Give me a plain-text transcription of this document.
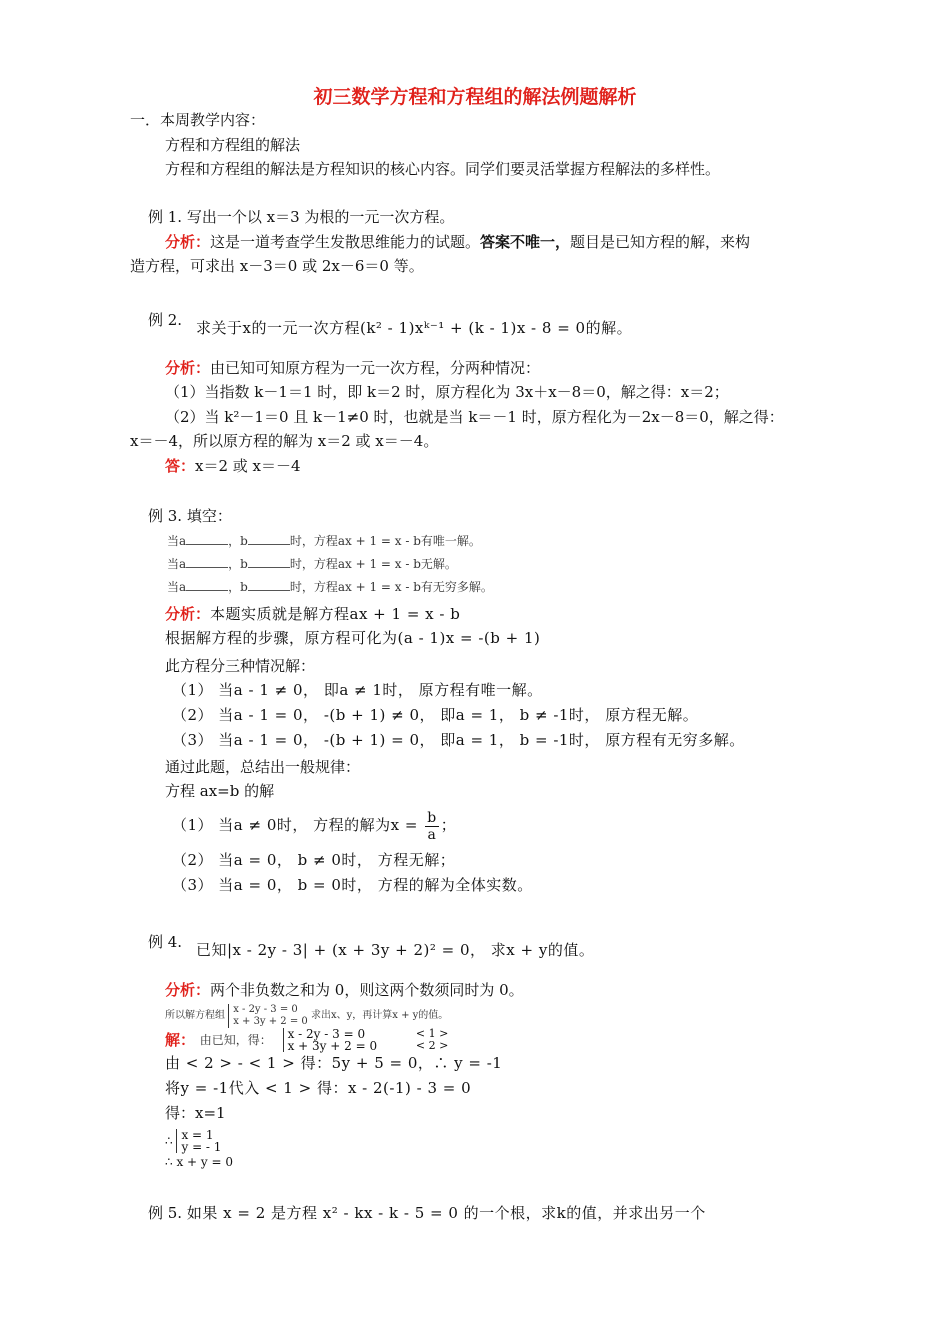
初三数学方程和方程组的解法例题解析
一．本周教学内容：
方程和方程组的解法
方程和方程组的解法是方程知识的核心内容。同学们要灵活掌握方程解法的多样性。
例 1. 写出一个以 x＝3 为根的一元一次方程。
分析：这是一道考查学生发散思维能力的试题。答案不唯一，题目是已知方程的解，来构
造方程，可求出 x－3＝0 或 2x－6＝0 等。
例 2. 求关于x的一元一次方程(k² - 1)xᵏ⁻¹ + (k - 1)x - 8 = 0的解。
分析：由已知可知原方程为一元一次方程，分两种情况：
（1）当指数 k－1＝1 时，即 k＝2 时，原方程化为 3x＋x－8＝0，解之得：x＝2；
（2）当 k²－1＝0 且 k－1≠0 时，也就是当 k＝－1 时，原方程化为－2x－8＝0，解之得：
x＝－4，所以原方程的解为 x＝2 或 x＝－4。
答：x＝2 或 x＝－4
例 3. 填空：
当a	，b	时，方程ax + 1 = x - b有唯一解。
当a	，b	时，方程ax + 1 = x - b无解。
当a	，b	时，方程ax + 1 = x - b有无穷多解。
分析：本题实质就是解方程ax + 1 = x - b
根据解方程的步骤，原方程可化为(a - 1)x = -(b + 1)
此方程分三种情况解：
（1） 当a - 1 ≠ 0， 即a ≠ 1时， 原方程有唯一解。
（2） 当a - 1 = 0， -(b + 1) ≠ 0， 即a = 1， b ≠ -1时， 原方程无解。
（3） 当a - 1 = 0， -(b + 1) = 0， 即a = 1， b = -1时， 原方程有无穷多解。
通过此题，总结出一般规律：
方程 ax=b 的解
（1） 当a ≠ 0时， 方程的解为$x = \frac{b}{a}$ ；
（2） 当a = 0， b ≠ 0时， 方程无解；
（3） 当a = 0， b = 0时， 方程的解为全体实数。
例 4. 已知|x - 2y - 3| + (x + 3y + 2)² = 0， 求x + y的值。
分析：两个非负数之和为 0，则这两个数须同时为 0。
所以解方程组
x - 2y - 3 = 0
x + 3y + 2 = 0
求出x、y，再计算x + y的值。
解： 由已知，得： x - 2y - 3 = 0
x + 3y + 2 = 0

< 1 >
< 2 >
由 < 2 > - < 1 > 得：5y + 5 = 0，∴ y = -1
将y = -1代入 < 1 > 得：x - 2(-1) - 3 = 0
得：x=1
∴ x = 1
y = - 1
∴ x + y = 0
例 5. 如果 x = 2 是方程 x² - kx - k - 5 = 0 的一个根，求k的值，并求出另一个
